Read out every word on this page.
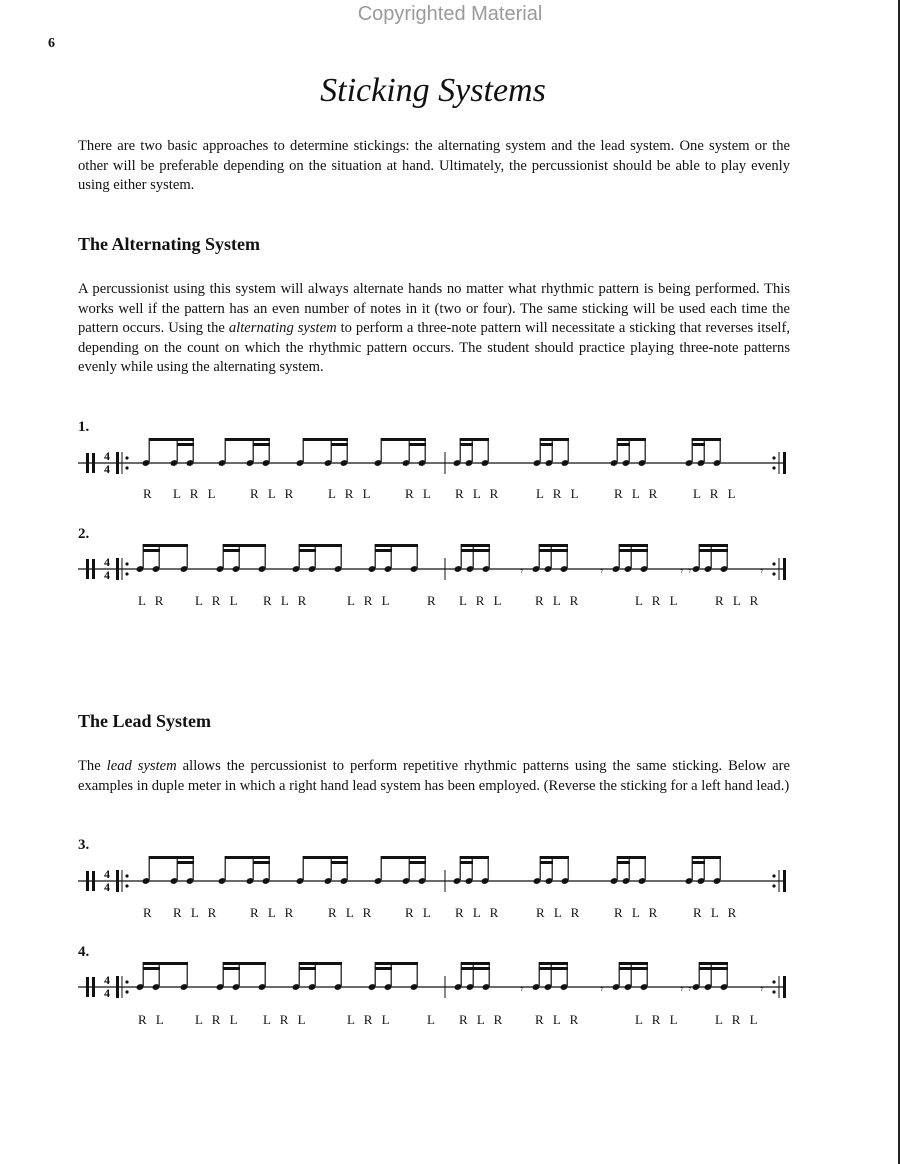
Copyrighted Material
6
Sticking Systems

There are two basic approaches to determine stickings: the alternating system and the lead system. One system or the other will be preferable depending on the situation at hand. Ultimately, the percussionist should be able to play evenly using either system.

The Alternating System

A percussionist using this system will always alternate hands no matter what rhythmic pattern is being performed. This works well if the pattern has an even number of notes in it (two or four). The same sticking will be used each time the pattern occurs. Using the alternating system to perform a three-note pattern will necessitate a sticking that reverses itself, depending on the count on which the rhythmic pattern occurs. The student should practice playing three-note patterns evenly while using the alternating system.

The Lead System

The lead system allows the percussionist to perform repetitive rhythmic patterns using the same sticking. Below are examples in duple meter in which a right hand lead system has been employed. (Reverse the sticking for a left hand lead.)

1.
4
4
R L R L R L R L R L R L R L R	L R L R L R	L R L
2.
4
4	𝄾	𝄾	𝄾 𝄾	𝄾
L R L R L R L R	L R L	R L R L R L R	L R L	R L R
3.
4
4
R R L R R L R R L R R L R L R	R L R R L R	R L R
4.
4
4	𝄾	𝄾	𝄾 𝄾	𝄾
R L L R L L R L	L R L	L R L R R L R	L R L	L R L
